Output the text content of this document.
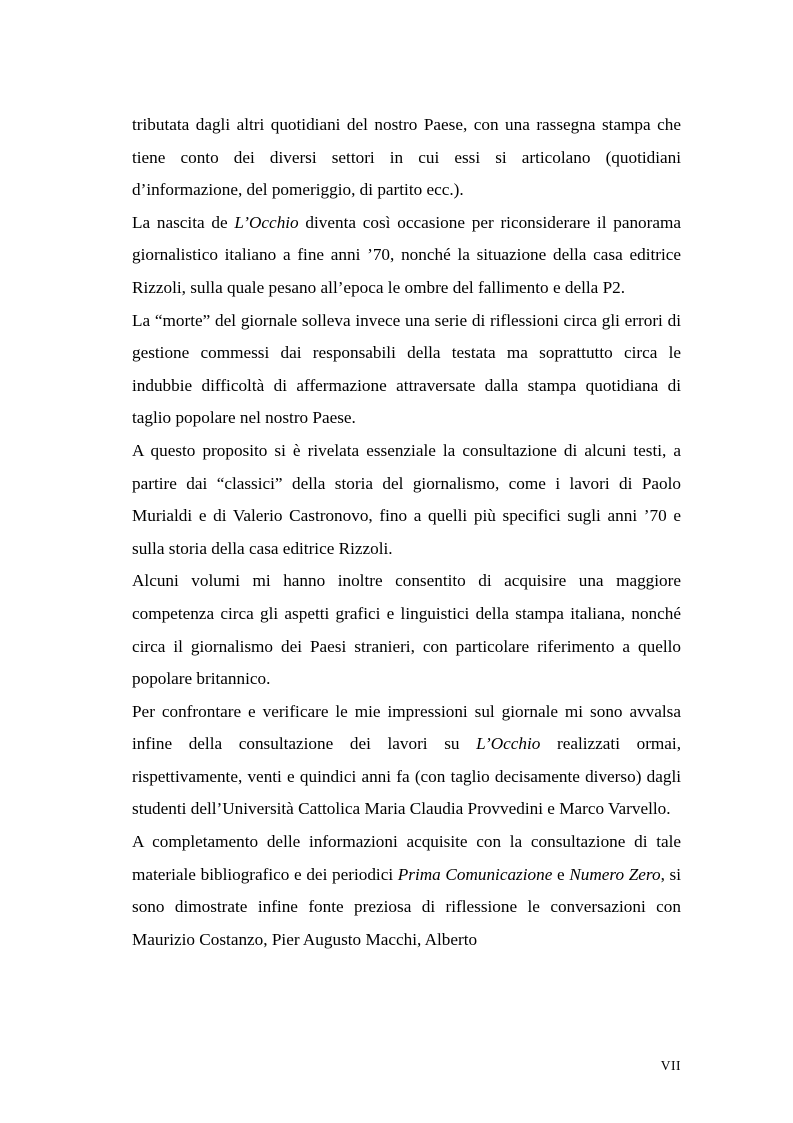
tributata dagli altri quotidiani del nostro Paese, con una rassegna stampa che tiene conto dei diversi settori in cui essi si articolano (quotidiani d’informazione, del pomeriggio, di partito ecc.).

La nascita de L’Occhio diventa così occasione per riconsiderare il panorama giornalistico italiano a fine anni ’70, nonché la situazione della casa editrice Rizzoli, sulla quale pesano all’epoca le ombre del fallimento e della P2.

La “morte” del giornale solleva invece una serie di riflessioni circa gli errori di gestione commessi dai responsabili della testata ma soprattutto circa le indubbie difficoltà di affermazione attraversate dalla stampa quotidiana di taglio popolare nel nostro Paese.

A questo proposito si è rivelata essenziale la consultazione di alcuni testi, a partire dai “classici” della storia del giornalismo, come i lavori di Paolo Murialdi e di Valerio Castronovo, fino a quelli più specifici sugli anni ’70 e sulla storia della casa editrice Rizzoli.

Alcuni volumi mi hanno inoltre consentito di acquisire una maggiore competenza circa gli aspetti grafici e linguistici della stampa italiana, nonché circa il giornalismo dei Paesi stranieri, con particolare riferimento a quello popolare britannico.

Per confrontare e verificare le mie impressioni sul giornale mi sono avvalsa infine della consultazione dei lavori su L’Occhio realizzati ormai, rispettivamente, venti e quindici anni fa (con taglio decisamente diverso) dagli studenti dell’Università Cattolica Maria Claudia Provvedini e Marco Varvello.

A completamento delle informazioni acquisite con la consultazione di tale materiale bibliografico e dei periodici Prima Comunicazione e Numero Zero, si sono dimostrate infine fonte preziosa di riflessione le conversazioni con Maurizio Costanzo, Pier Augusto Macchi, Alberto

VII
